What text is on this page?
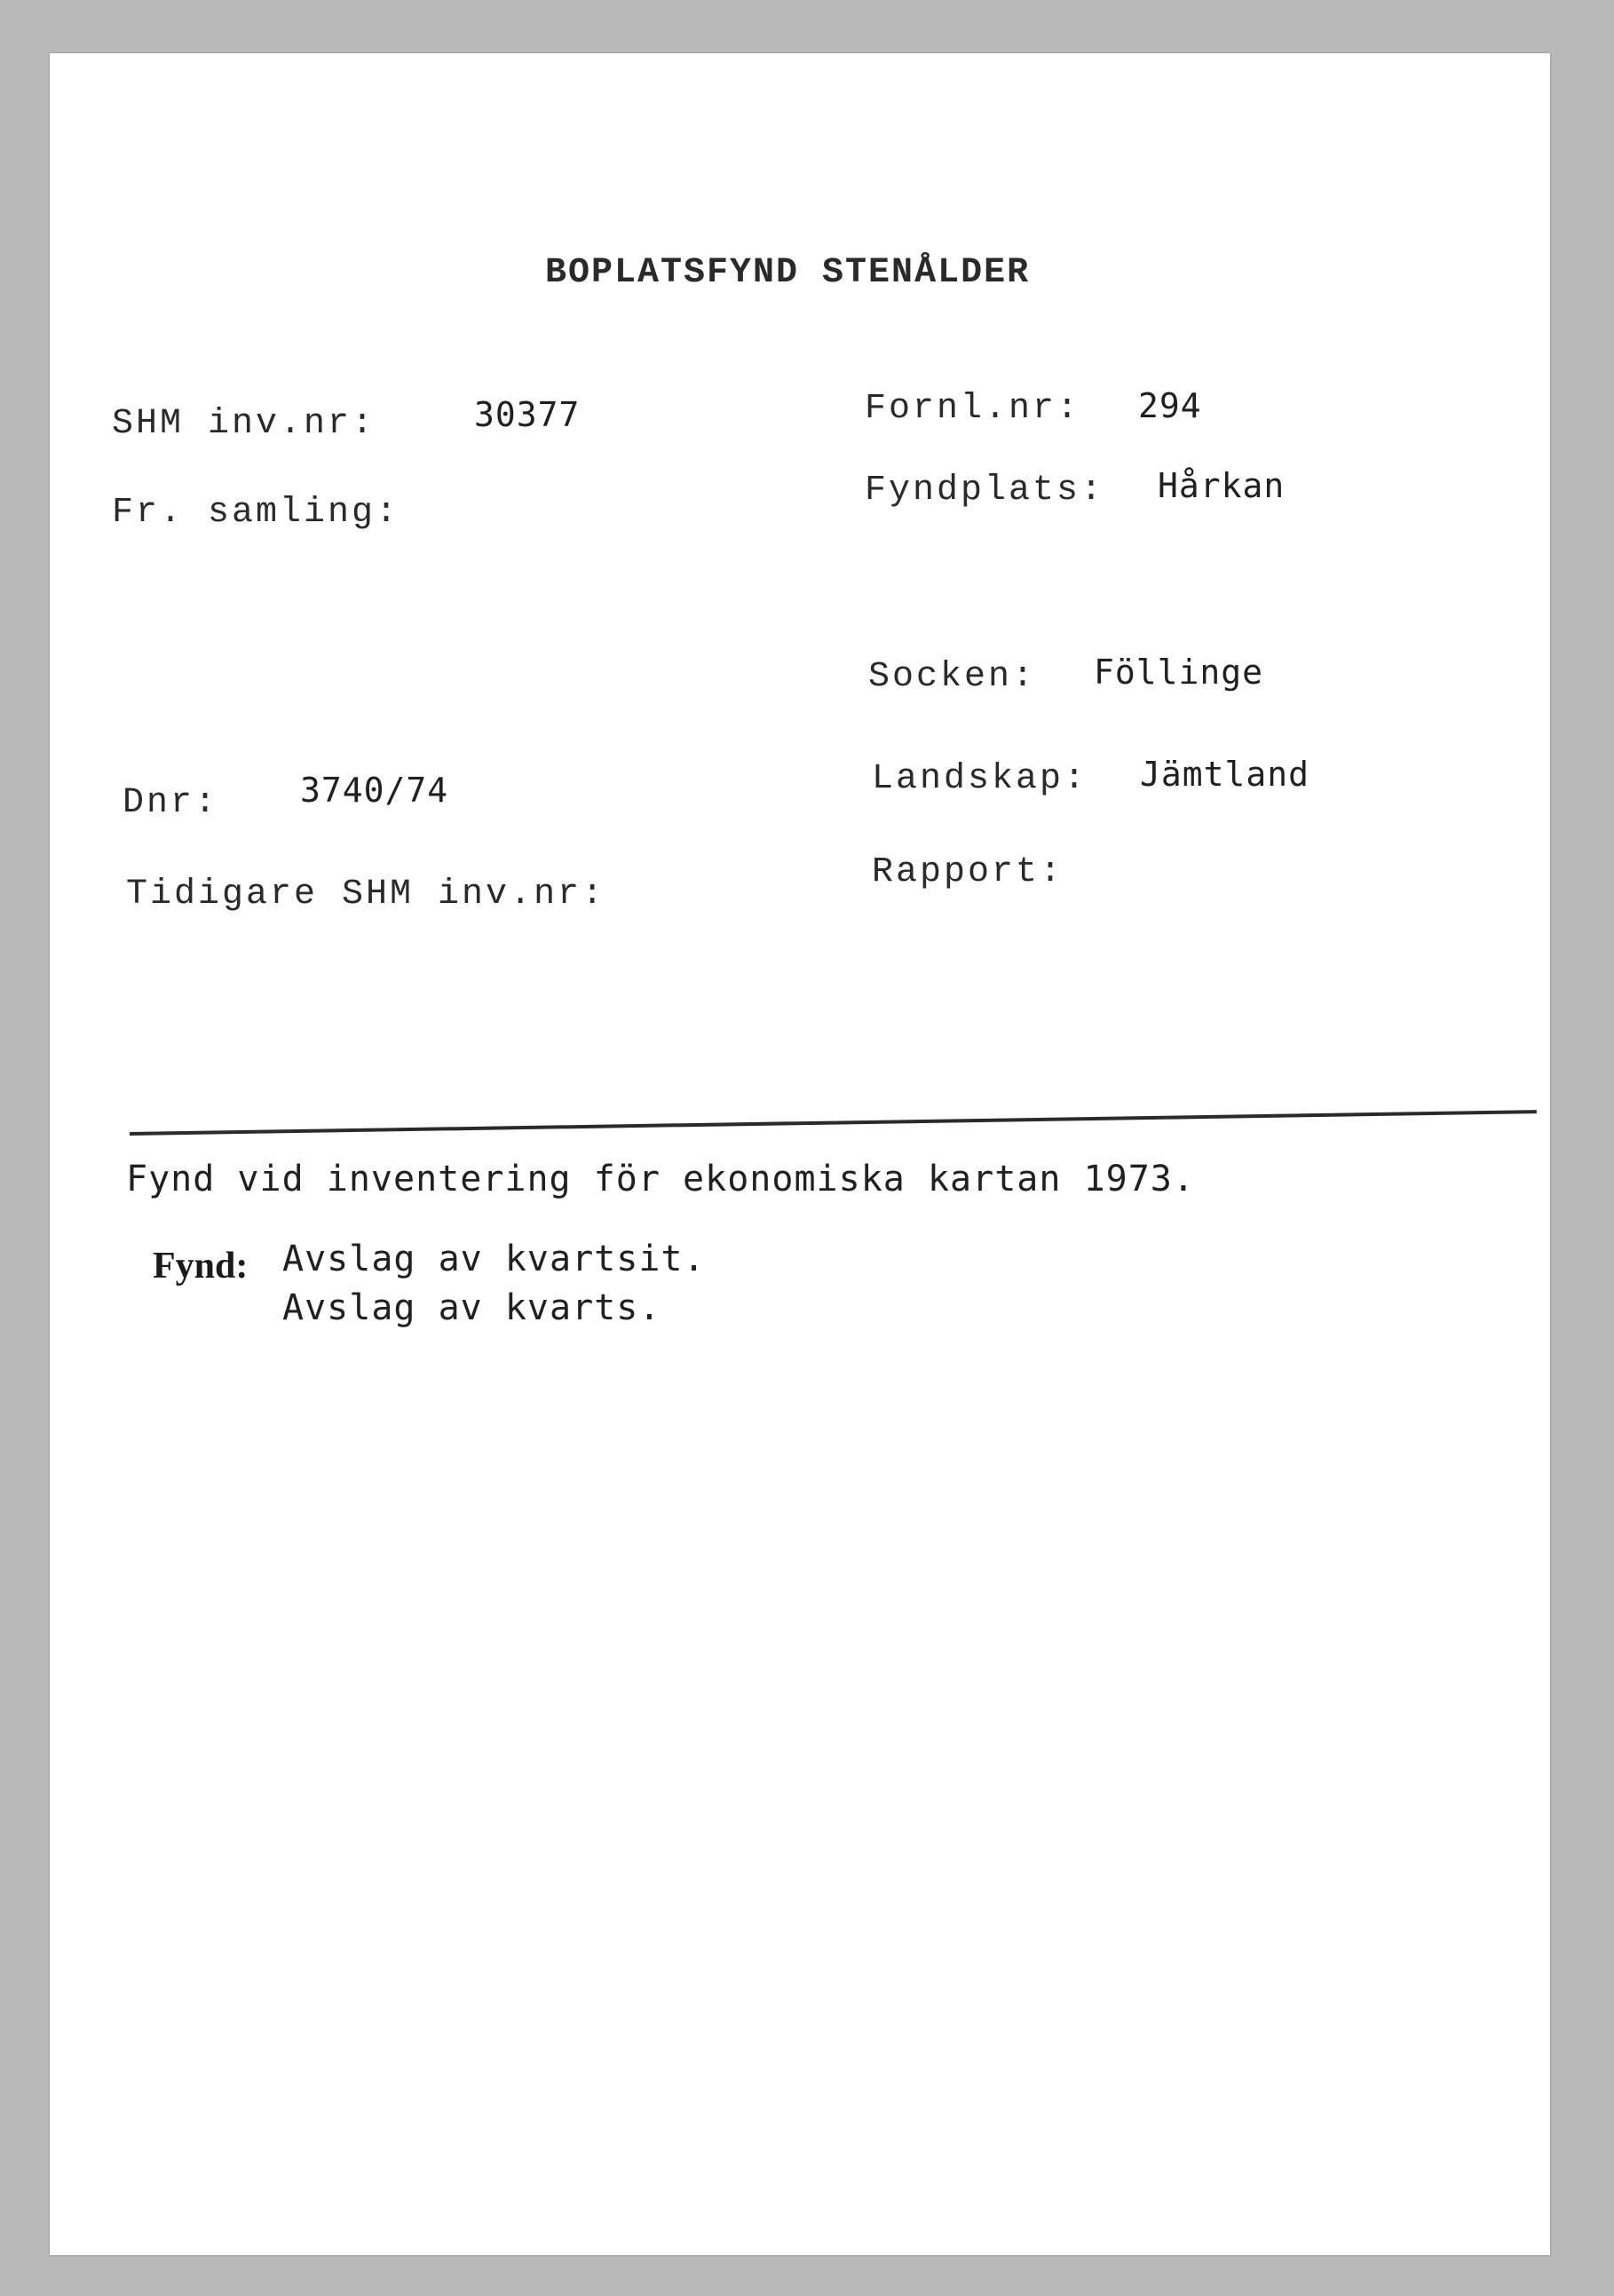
BOPLATSFYND STENÅLDER
SHM inv.nr:	30377	Fornl.nr: 294
Fr. samling:
Fyndplats: Hårkan
Socken: Föllinge
Dnr: 3740/74	Landskap: Jämtland
Tidigare SHM inv.nr:
Rapport:
Fynd vid inventering för ekonomiska kartan 1973.
Fynd: Avslag av kvartsit.
Avslag av kvarts.
